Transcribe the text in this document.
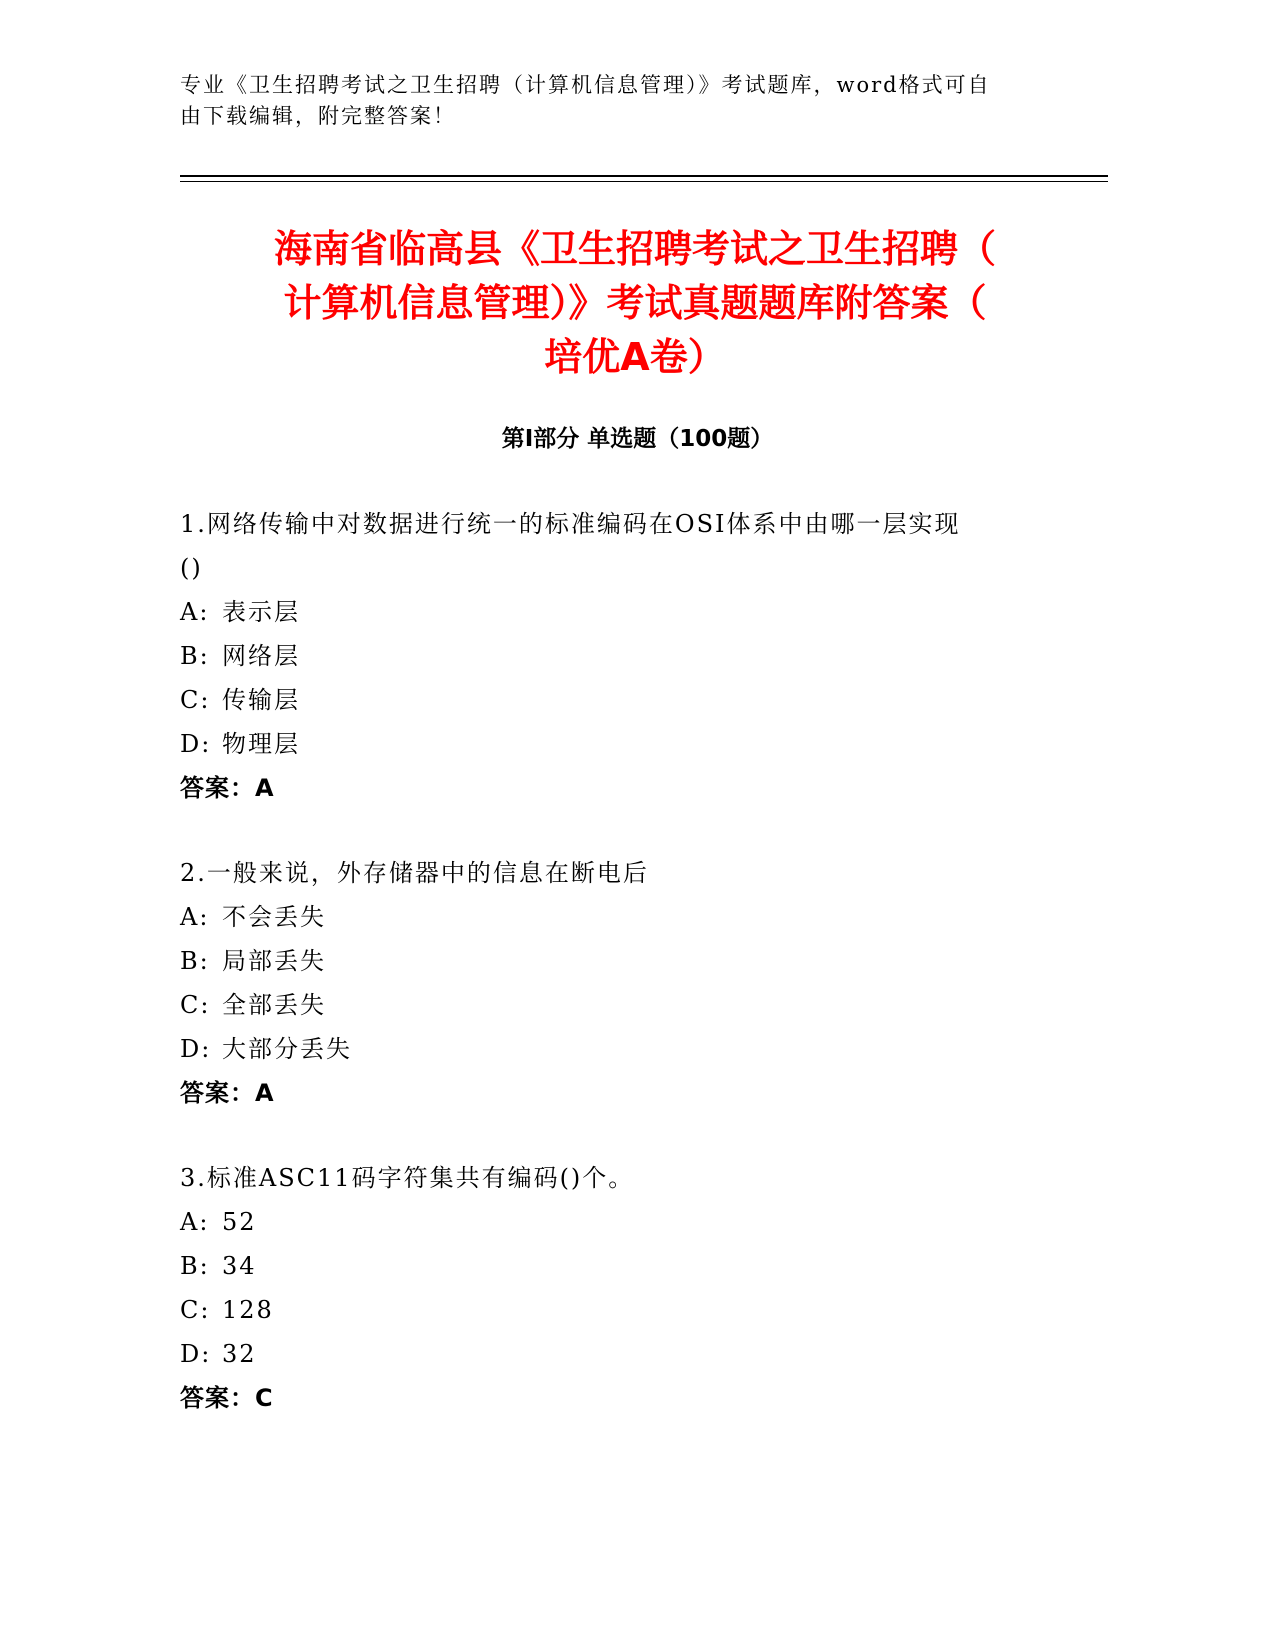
专业《卫生招聘考试之卫生招聘（计算机信息管理）》考试题库，word格式可自
由下载编辑，附完整答案！
海南省临高县《卫生招聘考试之卫生招聘（
计算机信息管理）》考试真题题库附答案（
培优A卷）
第I部分 单选题（100题）
1.网络传输中对数据进行统一的标准编码在OSI体系中由哪一层实现
()
A: 表示层
B: 网络层
C: 传输层
D: 物理层
答案：A
2.一般来说，外存储器中的信息在断电后
A: 不会丢失
B: 局部丢失
C: 全部丢失
D: 大部分丢失
答案：A
3.标准ASC11码字符集共有编码()个。
A: 52
B: 34
C: 128
D: 32
答案：C
